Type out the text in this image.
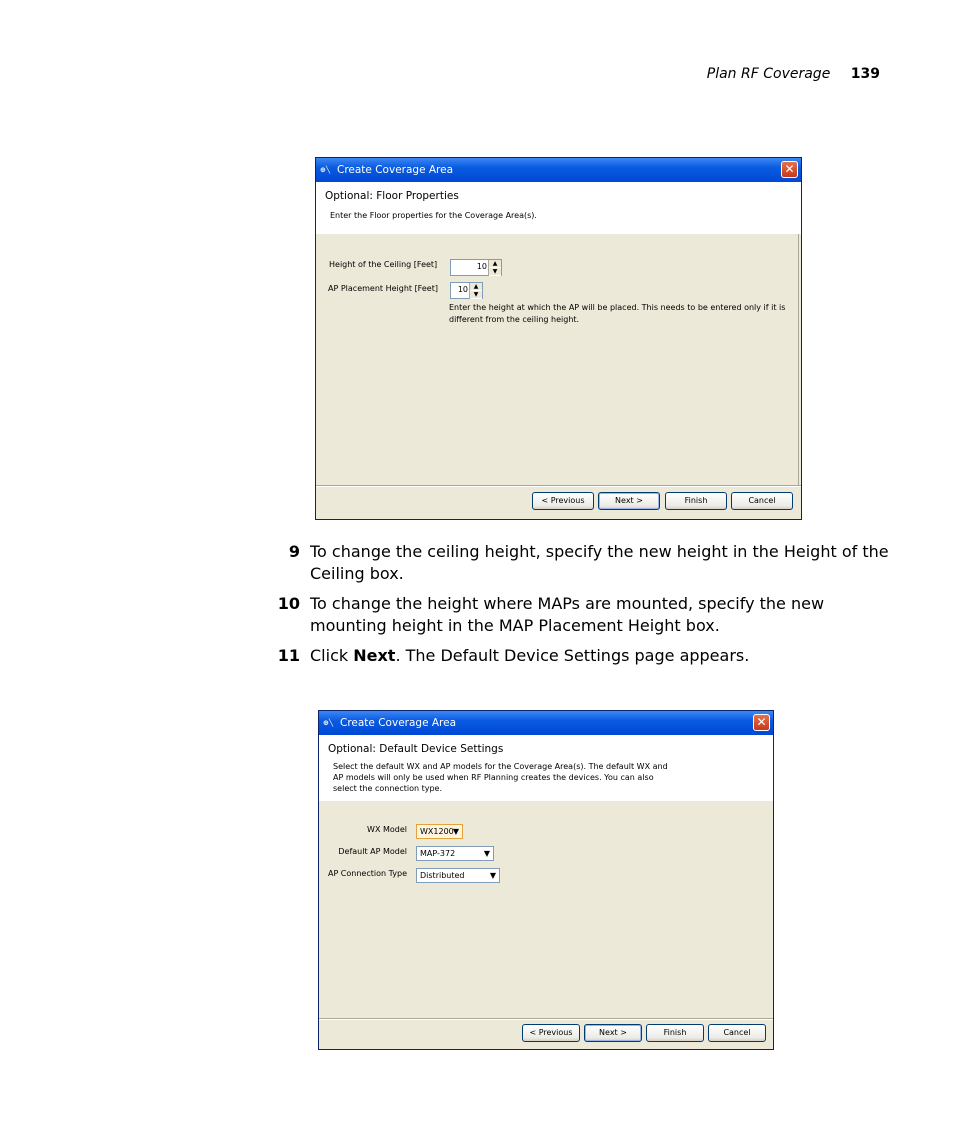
Plan RF Coverage 139
⊕╲ Create Coverage Area	✕
Optional: Floor Properties
Enter the Floor properties for the Coverage Area(s).
Height of the Ceiling [Feet]	10 ▲
▼
AP Placement Height [Feet] 10 ▲
▼
Enter the height at which the AP will be placed. This needs to be entered only if it is different from the ceiling height.
< Previous	Next >	Finish	Cancel
9 To change the ceiling height, specify the new height in the Height of the Ceiling box.
10 To change the height where MAPs are mounted, specify the new mounting height in the MAP Placement Height box.
11 Click Next. The Default Device Settings page appears.
⊕╲ Create Coverage Area	✕
Optional: Default Device Settings
Select the default WX and AP models for the Coverage Area(s). The default WX and AP models will only be used when RF Planning creates the devices. You can also select the connection type.
WX Model WX1200 ▼
Default AP Model MAP-372	▼
AP Connection Type Distributed	▼
< Previous	Next >	Finish	Cancel
